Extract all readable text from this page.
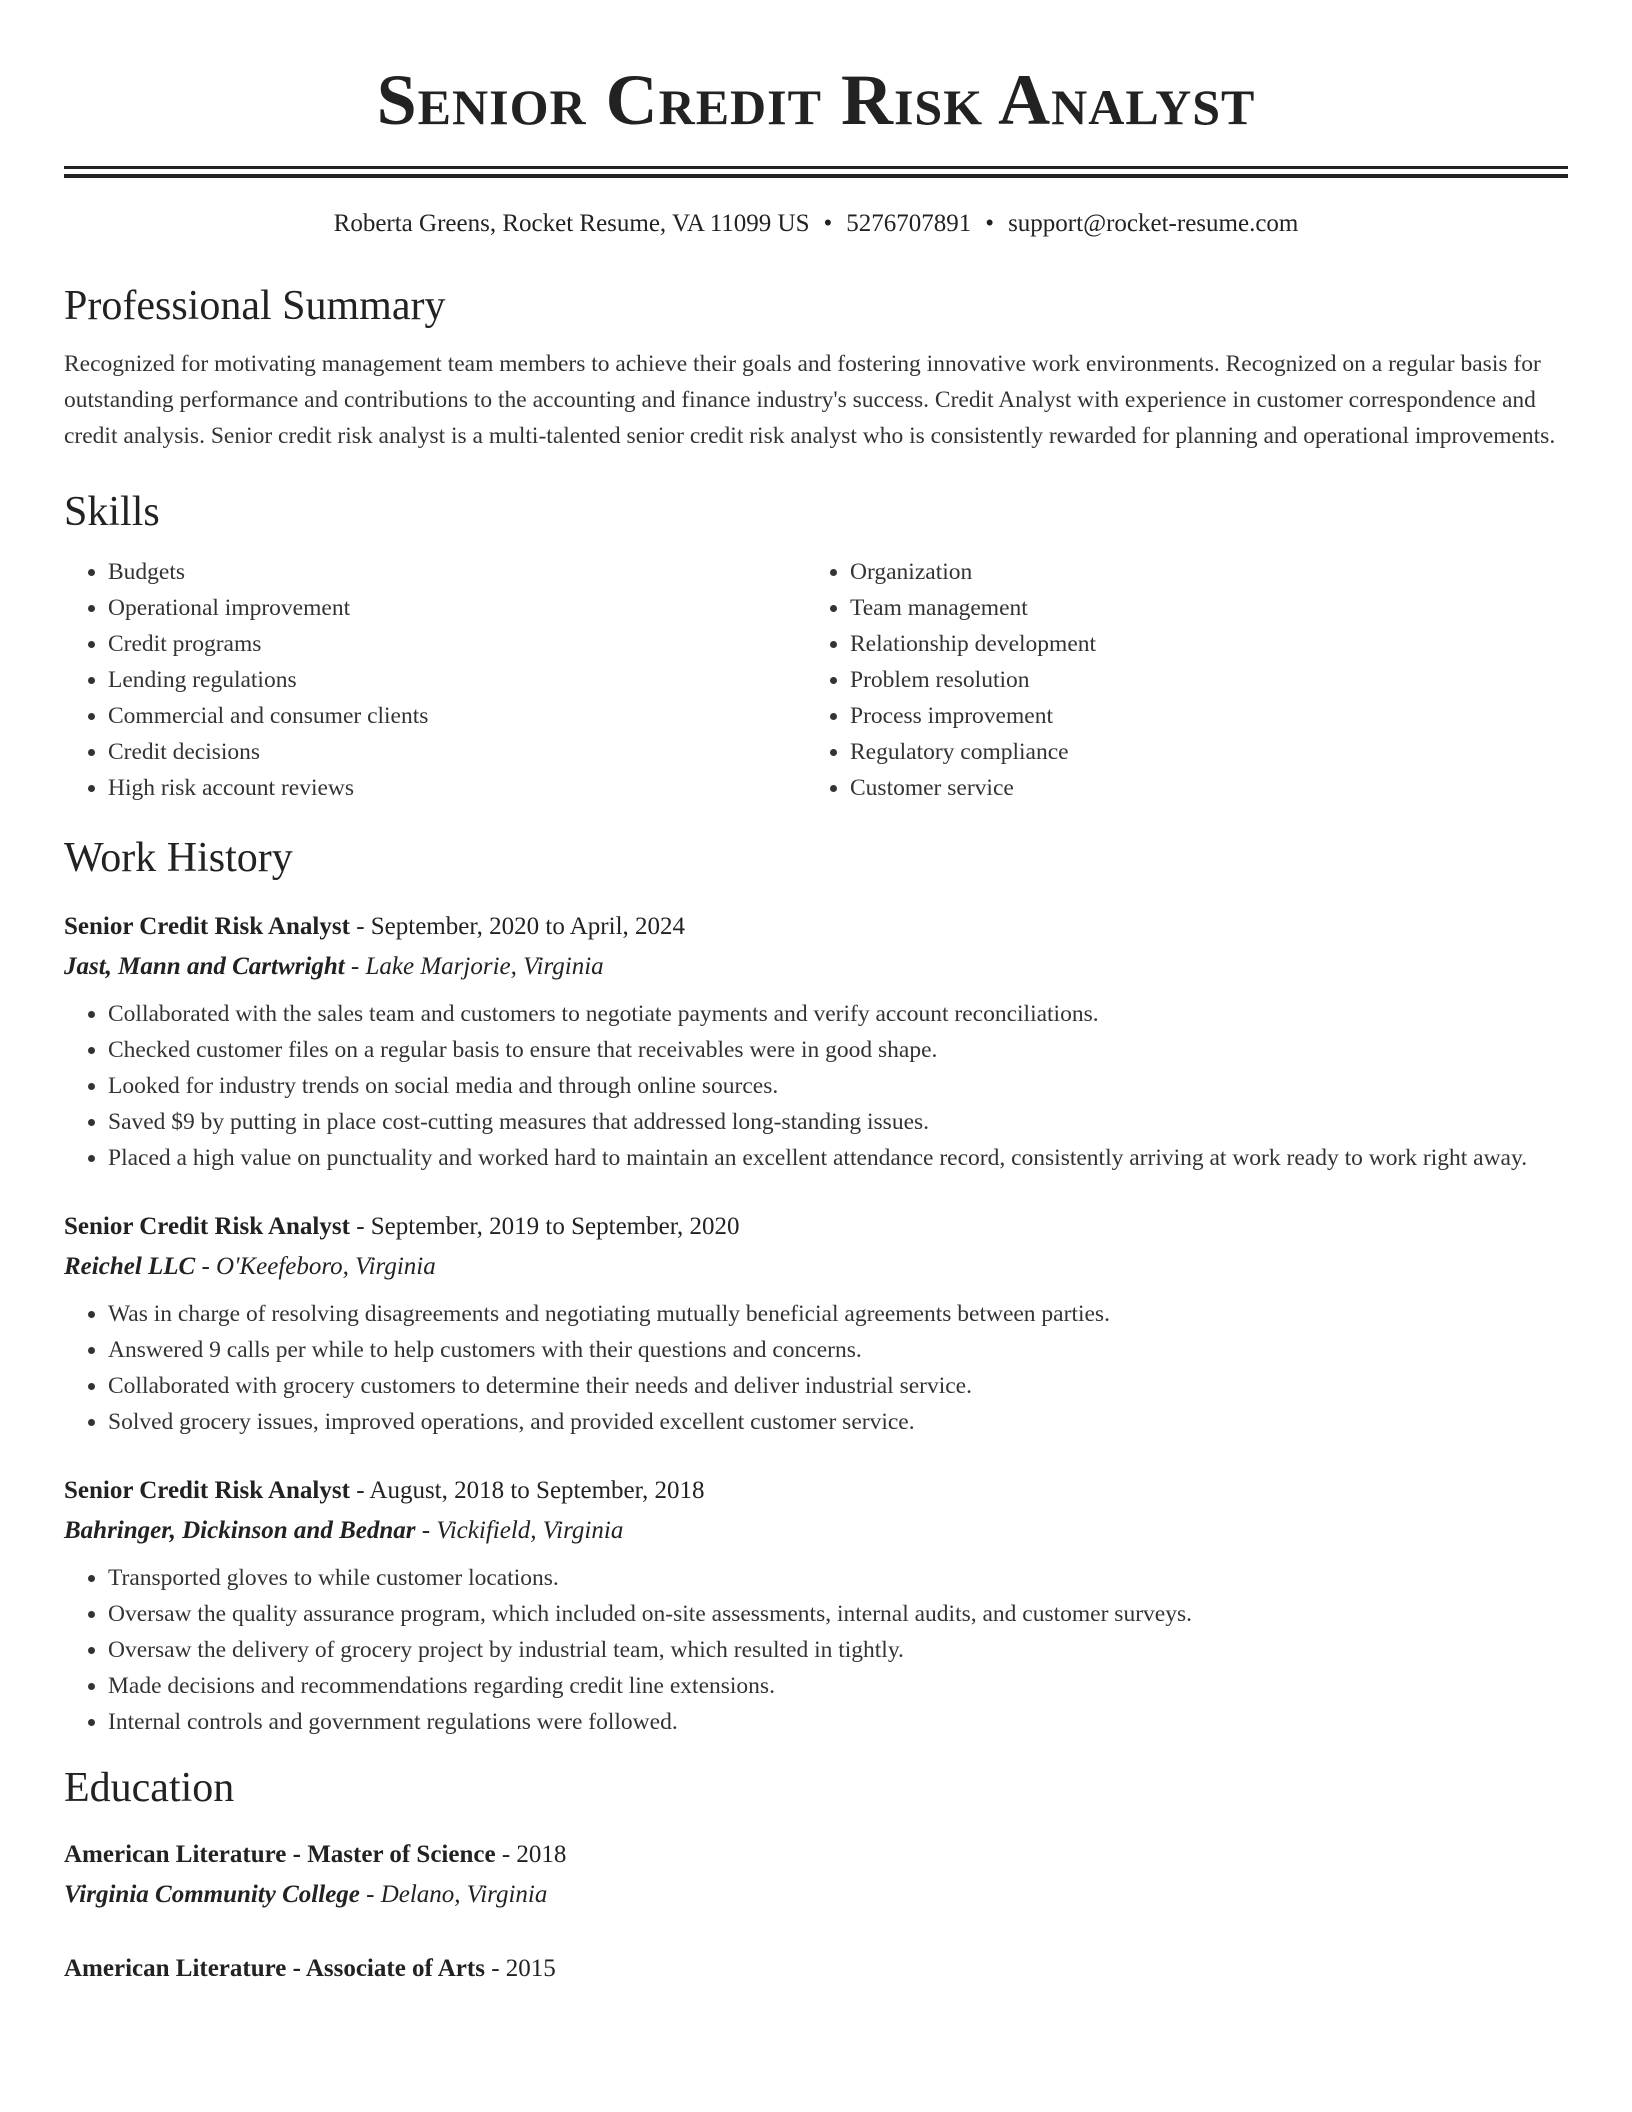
Senior Credit Risk Analyst
Roberta Greens, Rocket Resume, VA 11099 US • 5276707891 • support@rocket-resume.com
Professional Summary

Recognized for motivating management team members to achieve their goals and fostering innovative work environments. Recognized on a regular basis for outstanding performance and contributions to the accounting and finance industry's success. Credit Analyst with experience in customer correspondence and credit analysis. Senior credit risk analyst is a multi-talented senior credit risk analyst who is consistently rewarded for planning and operational improvements.

Skills
• Budgets
• Operational improvement
• Credit programs
• Lending regulations
• Commercial and consumer clients
• Credit decisions
• High risk account reviews
• Organization
• Team management
• Relationship development
• Problem resolution
• Process improvement
• Regulatory compliance
• Customer service
Work History
Senior Credit Risk Analyst - September, 2020 to April, 2024
Jast, Mann and Cartwright - Lake Marjorie, Virginia
• Collaborated with the sales team and customers to negotiate payments and verify account reconciliations.
• Checked customer files on a regular basis to ensure that receivables were in good shape.
• Looked for industry trends on social media and through online sources.
• Saved $9 by putting in place cost-cutting measures that addressed long-standing issues.
• Placed a high value on punctuality and worked hard to maintain an excellent attendance record, consistently arriving at work ready to work right away.
Senior Credit Risk Analyst - September, 2019 to September, 2020
Reichel LLC - O'Keefeboro, Virginia
• Was in charge of resolving disagreements and negotiating mutually beneficial agreements between parties.
• Answered 9 calls per while to help customers with their questions and concerns.
• Collaborated with grocery customers to determine their needs and deliver industrial service.
• Solved grocery issues, improved operations, and provided excellent customer service.
Senior Credit Risk Analyst - August, 2018 to September, 2018
Bahringer, Dickinson and Bednar - Vickifield, Virginia
• Transported gloves to while customer locations.
• Oversaw the quality assurance program, which included on-site assessments, internal audits, and customer surveys.
• Oversaw the delivery of grocery project by industrial team, which resulted in tightly.
• Made decisions and recommendations regarding credit line extensions.
• Internal controls and government regulations were followed.
Education
American Literature - Master of Science - 2018
Virginia Community College - Delano, Virginia
American Literature - Associate of Arts - 2015
